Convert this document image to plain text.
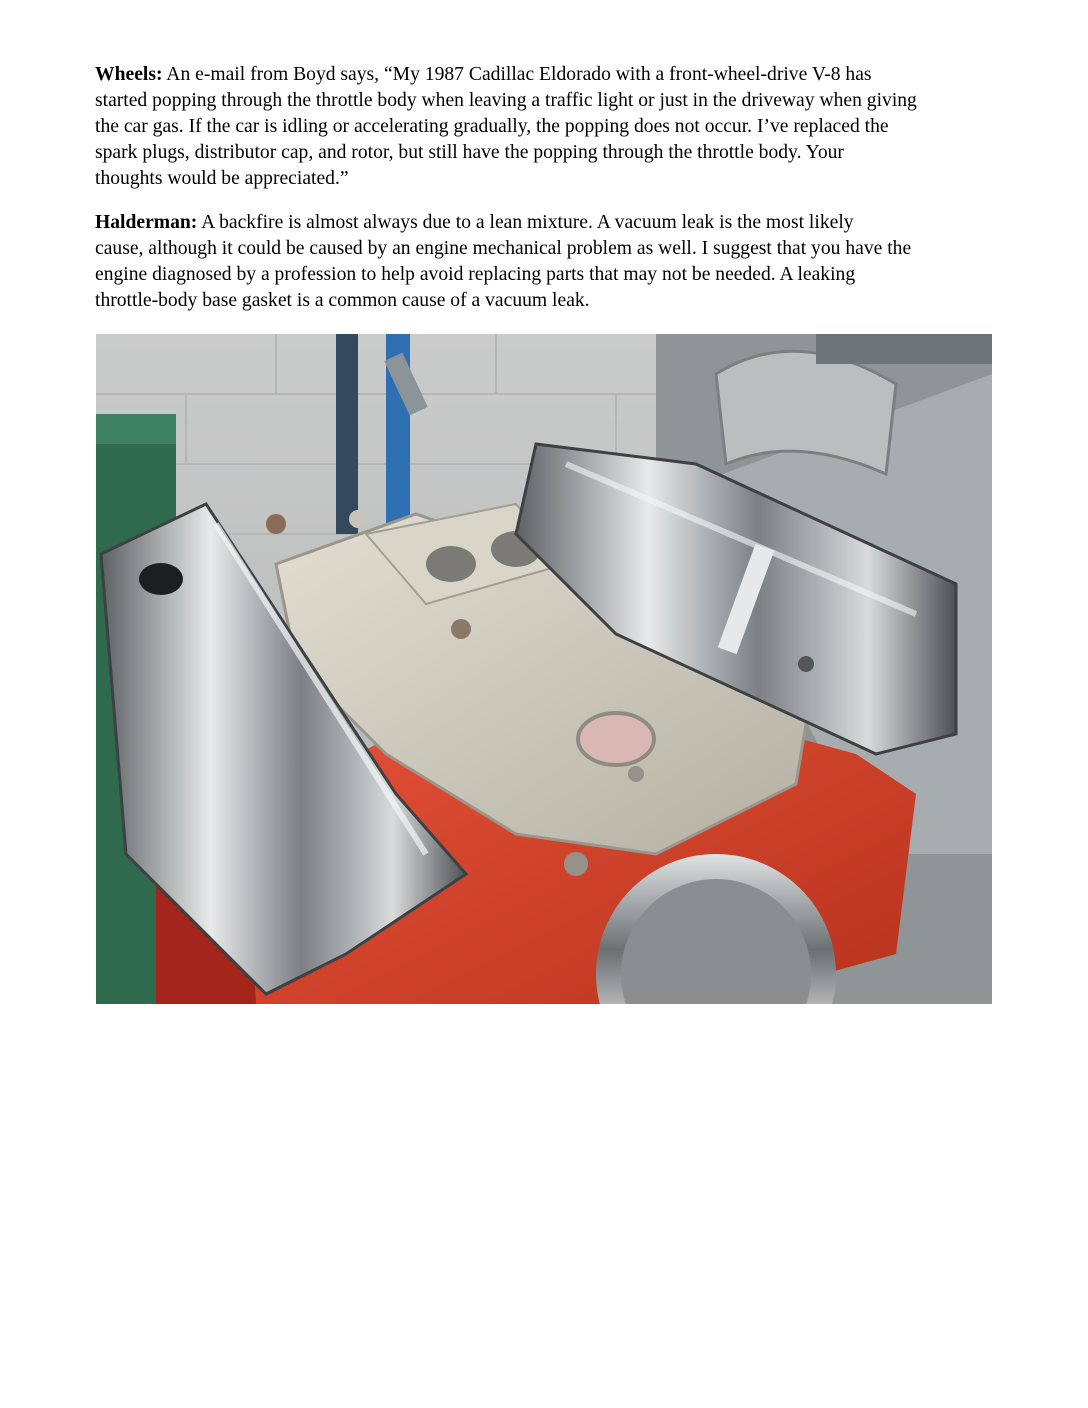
Wheels: An e-mail from Boyd says, “My 1987 Cadillac Eldorado with a front-wheel-drive V-8 has
started popping through the throttle body when leaving a traffic light or just in the driveway when giving
the car gas. If the car is idling or accelerating gradually, the popping does not occur. I’ve replaced the
spark plugs, distributor cap, and rotor, but still have the popping through the throttle body. Your
thoughts would be appreciated.”

Halderman: A backfire is almost always due to a lean mixture. A vacuum leak is the most likely
cause, although it could be caused by an engine mechanical problem as well. I suggest that you have the
engine diagnosed by a profession to help avoid replacing parts that may not be needed. A leaking
throttle-body base gasket is a common cause of a vacuum leak.
